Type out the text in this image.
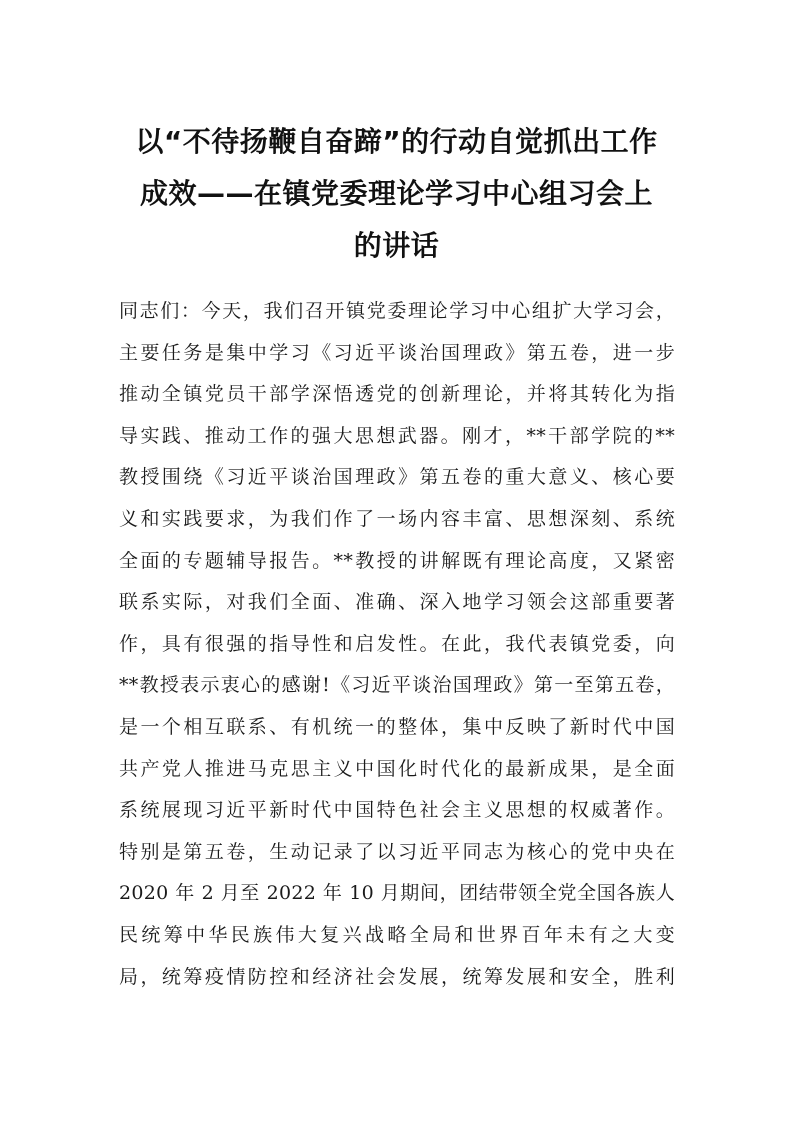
以“不待扬鞭自奋蹄”的行动自觉抓出工作
成效——在镇党委理论学习中心组习会上
的讲话
同志们：今天，我们召开镇党委理论学习中心组扩大学习会，
主要任务是集中学习《习近平谈治国理政》第五卷，进一步
推动全镇党员干部学深悟透党的创新理论，并将其转化为指
导实践、推动工作的强大思想武器。刚才，**干部学院的**
教授围绕《习近平谈治国理政》第五卷的重大意义、核心要
义和实践要求，为我们作了一场内容丰富、思想深刻、系统
全面的专题辅导报告。**教授的讲解既有理论高度，又紧密
联系实际，对我们全面、准确、深入地学习领会这部重要著
作，具有很强的指导性和启发性。在此，我代表镇党委，向
**教授表示衷心的感谢!《习近平谈治国理政》第一至第五卷，
是一个相互联系、有机统一的整体，集中反映了新时代中国
共产党人推进马克思主义中国化时代化的最新成果，是全面
系统展现习近平新时代中国特色社会主义思想的权威著作。
特别是第五卷，生动记录了以习近平同志为核心的党中央在
2020 年 2 月至 2022 年 10 月期间，团结带领全党全国各族人
民统筹中华民族伟大复兴战略全局和世界百年未有之大变
局，统筹疫情防控和经济社会发展，统筹发展和安全，胜利
